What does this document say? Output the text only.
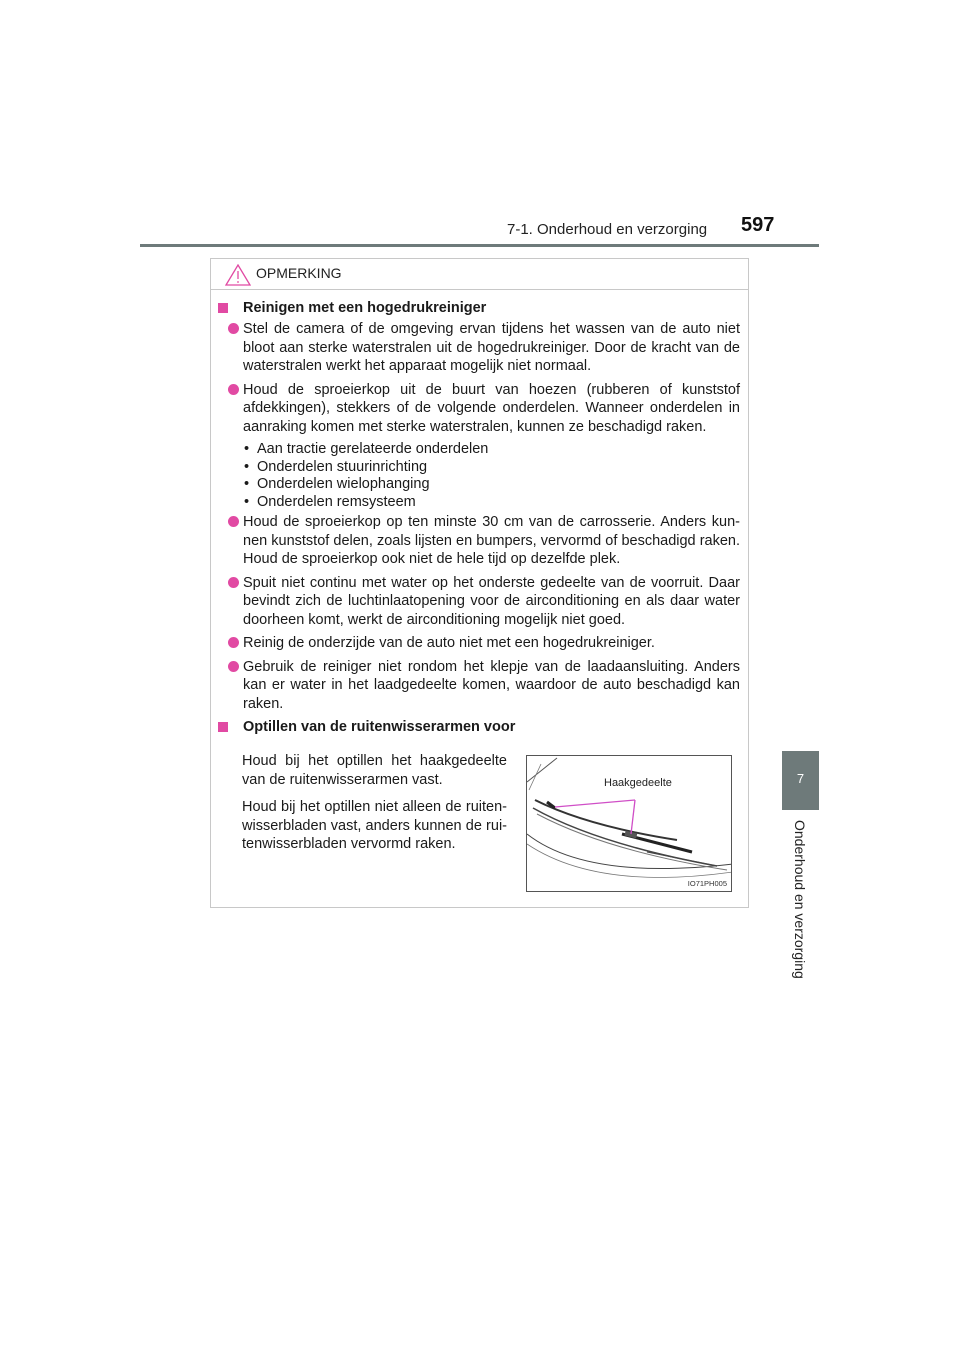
7-1. Onderhoud en verzorging 597
7
Onderhoud en verzorging
OPMERKING
Reinigen met een hogedrukreiniger
Stel de camera of de omgeving ervan tijdens het wassen van de auto niet bloot aan sterke waterstralen uit de hogedrukreiniger. Door de kracht van de waterstralen werkt het apparaat mogelijk niet normaal.
Houd de sproeierkop uit de buurt van hoezen (rubberen of kunststof afdekkingen), stekkers of de volgende onderdelen. Wanneer onderdelen in aanraking komen met sterke waterstralen, kunnen ze beschadigd raken.
• Aan tractie gerelateerde onderdelen
• Onderdelen stuurinrichting
• Onderdelen wielophanging
• Onderdelen remsysteem
Houd de sproeierkop op ten minste 30 cm van de carrosserie. Anders kun-nen kunststof delen, zoals lijsten en bumpers, vervormd of beschadigd raken. Houd de sproeierkop ook niet de hele tijd op dezelfde plek.
Spuit niet continu met water op het onderste gedeelte van de voorruit. Daar bevindt zich de luchtinlaatopening voor de airconditioning en als daar water doorheen komt, werkt de airconditioning mogelijk niet goed.
Reinig de onderzijde van de auto niet met een hogedrukreiniger.
Gebruik de reiniger niet rondom het klepje van de laadaansluiting. Anders kan er water in het laadgedeelte komen, waardoor de auto beschadigd kan raken.
Optillen van de ruitenwisserarmen voor

Houd bij het optillen het haakgedeelte van de ruitenwisserarmen vast.

Houd bij het optillen niet alleen de ruiten-wisserbladen vast, anders kunnen de rui-tenwisserbladen vervormd raken.

Haakgedeelte
IO71PH005
